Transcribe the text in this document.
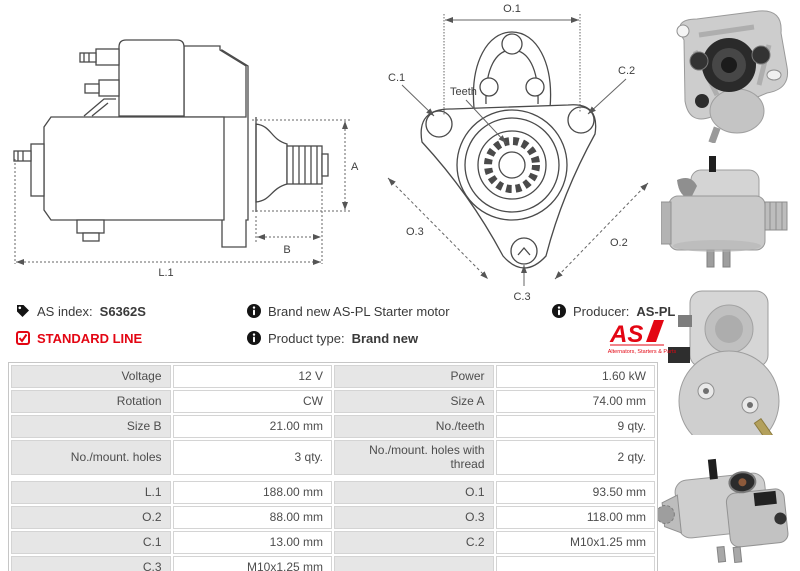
A
B
L.1
O.1
C.1
C.2
Teeth
O.3
O.2
C.3
AS index: S6362S
STANDARD LINE
Brand new AS-PL Starter motor
Product type: Brand new
Producer: AS-PL
AS
Alternators, Starters & Parts
Voltage	12 V	Power	1.60 kW
Rotation	CW	Size A	74.00 mm
Size B	21.00 mm	No./teeth	9 qty.
No./mount. holes	3 qty.	No./mount. holes with thread	2 qty.

L.1	188.00 mm	O.1	93.50 mm
O.2	88.00 mm	O.3	118.00 mm
C.1	13.00 mm	C.2	M10x1.25 mm
C.3	M10x1.25 mm		
